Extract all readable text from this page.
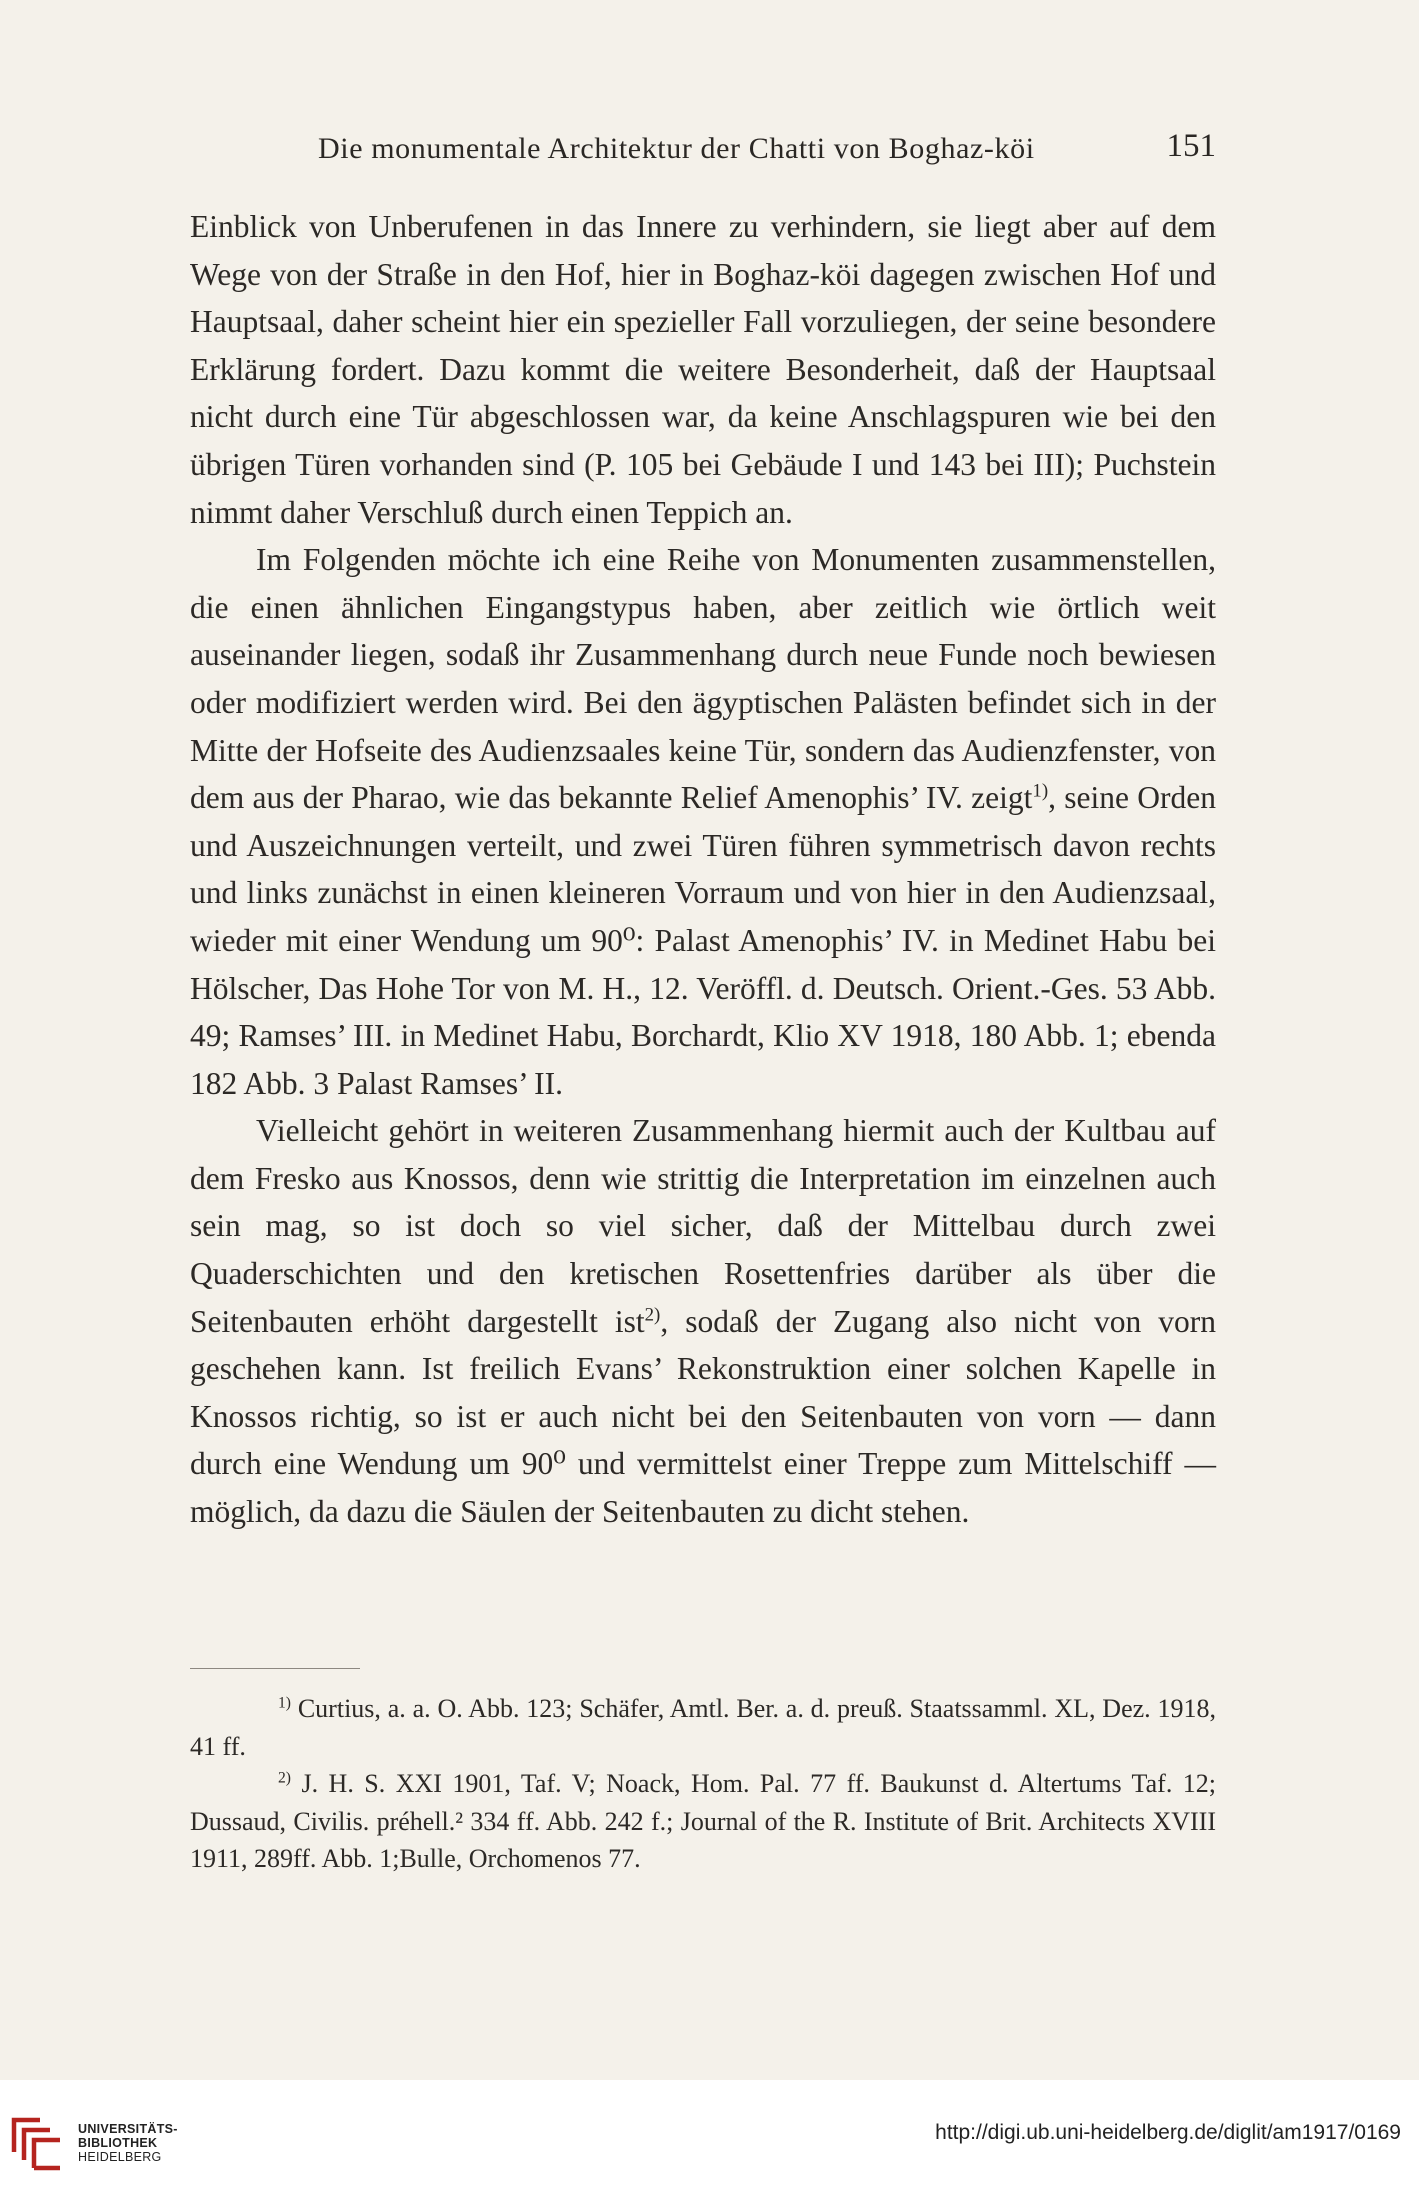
Die monumentale Architektur der Chatti von Boghaz-köi	151

Einblick von Unberufenen in das Innere zu verhindern, sie liegt aber auf dem Wege von der Straße in den Hof, hier in Boghaz-köi dagegen zwischen Hof und Hauptsaal, daher scheint hier ein spezieller Fall vorzuliegen, der seine besondere Erklärung fordert. Dazu kommt die weitere Besonderheit, daß der Hauptsaal nicht durch eine Tür abgeschlossen war, da keine Anschlagspuren wie bei den übrigen Türen vorhanden sind (P. 105 bei Gebäude I und 143 bei III); Puchstein nimmt daher Verschluß durch einen Teppich an.

Im Folgenden möchte ich eine Reihe von Monumenten zusammenstellen, die einen ähnlichen Eingangstypus haben, aber zeitlich wie örtlich weit auseinander liegen, sodaß ihr Zusammenhang durch neue Funde noch bewiesen oder modifiziert werden wird. Bei den ägyptischen Palästen befindet sich in der Mitte der Hofseite des Audienzsaales keine Tür, sondern das Audienzfenster, von dem aus der Pharao, wie das bekannte Relief Amenophis’ IV. zeigt$^{1)}$, seine Orden und Auszeichnungen verteilt, und zwei Türen führen symmetrisch davon rechts und links zunächst in einen kleineren Vorraum und von hier in den Audienzsaal, wieder mit einer Wendung um 90⁰: Palast Amenophis’ IV. in Medinet Habu bei Hölscher, Das Hohe Tor von M. H., 12. Veröffl. d. Deutsch. Orient.-Ges. 53 Abb. 49; Ramses’ III. in Medinet Habu, Borchardt, Klio XV 1918, 180 Abb. 1; ebenda 182 Abb. 3 Palast Ramses’ II.

Vielleicht gehört in weiteren Zusammenhang hiermit auch der Kultbau auf dem Fresko aus Knossos, denn wie strittig die Interpretation im einzelnen auch sein mag, so ist doch so viel sicher, daß der Mittelbau durch zwei Quaderschichten und den kretischen Rosettenfries darüber als über die Seitenbauten erhöht dargestellt ist$^{2)}$, sodaß der Zugang also nicht von vorn geschehen kann. Ist freilich Evans’ Rekonstruktion einer solchen Kapelle in Knossos richtig, so ist er auch nicht bei den Seitenbauten von vorn — dann durch eine Wendung um 90⁰ und vermittelst einer Treppe zum Mittelschiff — möglich, da dazu die Säulen der Seitenbauten zu dicht stehen.

$^{1)}$ Curtius, a. a. O. Abb. 123; Schäfer, Amtl. Ber. a. d. preuß. Staatssamml. XL, Dez. 1918, 41 ff.

$^{2)}$ J. H. S. XXI 1901, Taf. V; Noack, Hom. Pal. 77 ff. Baukunst d. Altertums Taf. 12; Dussaud, Civilis. préhell.² 334 ff. Abb. 242 f.; Journal of the R. Institute of Brit. Architects XVIII 1911, 289ff. Abb. 1;Bulle, Orchomenos 77.

UNIVERSITÄTS-
BIBLIOTHEK
HEIDELBERG
http://digi.ub.uni-heidelberg.de/diglit/am1917/0169
